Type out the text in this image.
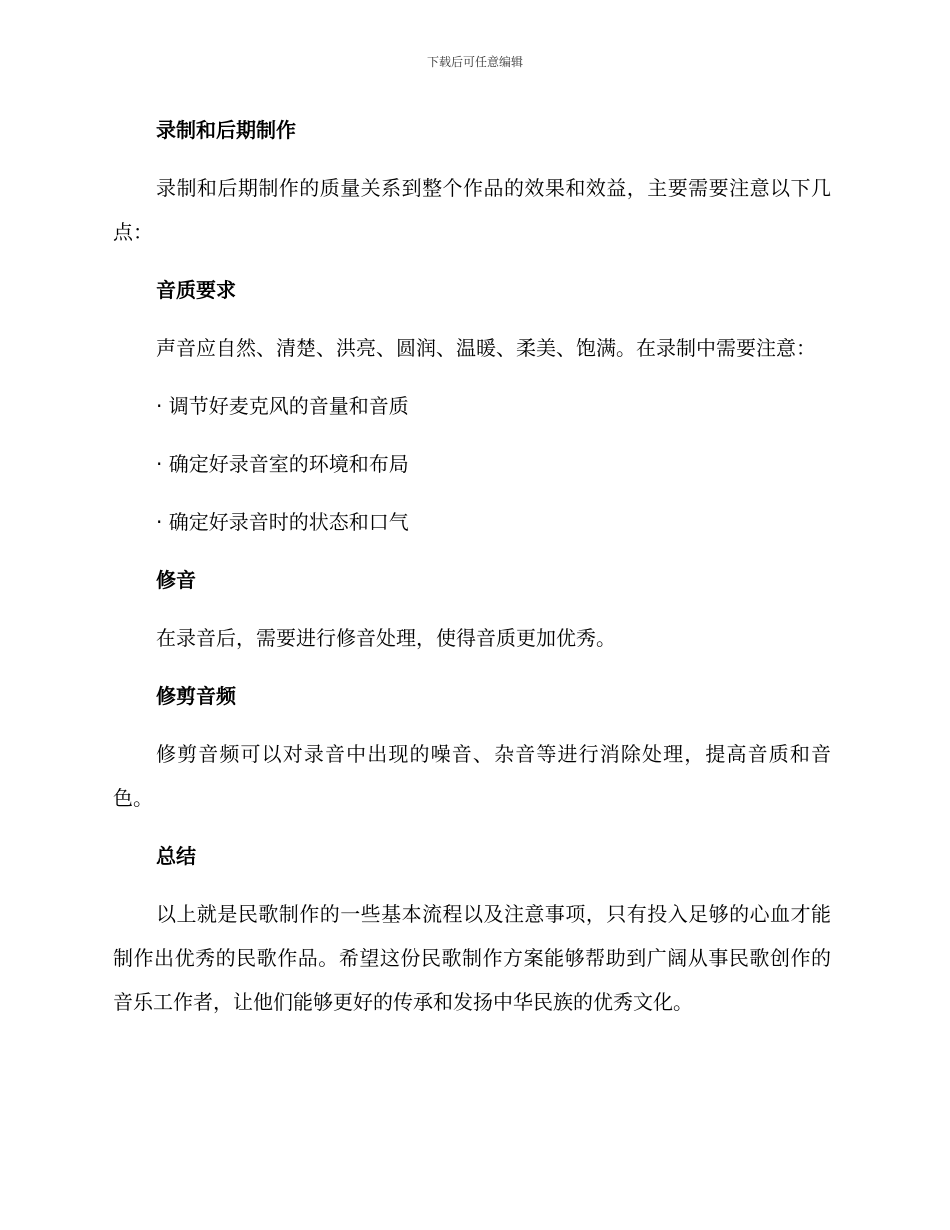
下载后可任意编辑
录制和后期制作

录制和后期制作的质量关系到整个作品的效果和效益，主要需要注意以下几点：

音质要求

声音应自然、清楚、洪亮、圆润、温暖、柔美、饱满。在录制中需要注意：

· 调节好麦克风的音量和音质

· 确定好录音室的环境和布局

· 确定好录音时的状态和口气

修音

在录音后，需要进行修音处理，使得音质更加优秀。

修剪音频

修剪音频可以对录音中出现的噪音、杂音等进行消除处理，提高音质和音色。

总结

以上就是民歌制作的一些基本流程以及注意事项，只有投入足够的心血才能制作出优秀的民歌作品。希望这份民歌制作方案能够帮助到广阔从事民歌创作的音乐工作者，让他们能够更好的传承和发扬中华民族的优秀文化。
